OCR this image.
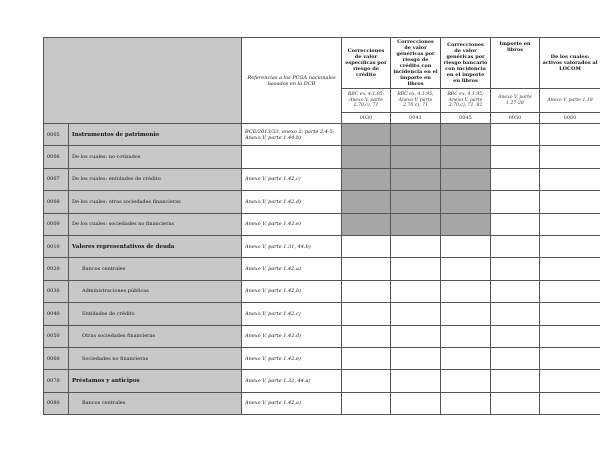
		Referencias a los PCGA nacionales basados en la DCB	Correcciones de valor específicas por riesgo de crédito	Correcciones de valor genéricas por riesgo de crédito con incidencia en el importe en libros	Correcciones de valor genéricas por riesgo bancario con incidencia en el importe en libros	Importe en libros	De los cuales: activos valorados al LOCOM
			RBC ex. 4.1.95; Anexo V, parte 2.70.c), 71	RBC ex. 4.1.95; Anexo V, parte 2.70.c), 71	RBC ex. 4.1.95; Anexo V, parte 2.70.c), 71, 82	Anexo V, parte 1.27-28	Anexo V, parte 1.19
			0030	0041	0045	0050	0060
0005	Instrumentos de patrimonio	BCE/2013/33, anexo 2, parte 2.4-5; Anexo V, parte 1.44.b)					
0006	De los cuales: no cotizados						

0007	De los cuales: entidades de crédito	Anexo V, parte 1.42.c)					
0008	De los cuales: otras sociedades financieras	Anexo V, parte 1.42.d)					
0009	De los cuales: sociedades no financieras	Anexo V, parte 1.42.e)					
0010	Valores representativos de deuda	Anexo V, parte 1.31, 44.b)					
0020	Bancos centrales	Anexo V, parte 1.42.a)					
0030	Administraciones públicas	Anexo V, parte 1.42.b)					
0040	Entidades de crédito	Anexo V, parte 1.42.c)					
0050	Otras sociedades financieras	Anexo V, parte 1.42.d)					
0060	Sociedades no financieras	Anexo V, parte 1.42.e)					
0070	Préstamos y anticipos	Anexo V, parte 1.32, 44.a)					
0080	Bancos centrales	Anexo V, parte 1.42.a)					
